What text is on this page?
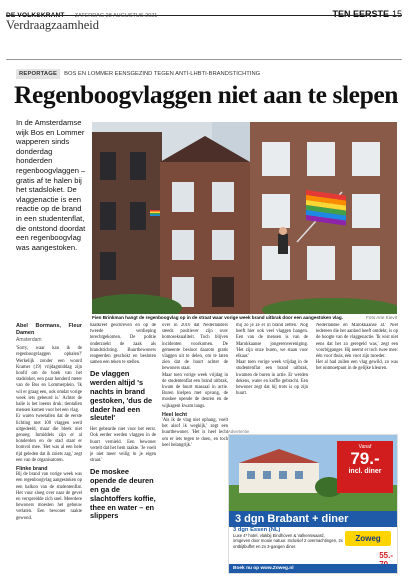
DE VOLKSKRANT ZATERDAG 28 AUGUSTUS 2021	TEN EERSTE 15
Verdraagzaamheid
REPORTAGE	BOS EN LOMMER EENSGEZIND TEGEN ANTI-LHBTI-BRANDSTICHTING
Regenboogvlaggen niet aan te slepen
In de Amsterdamse wijk Bos en Lommer wapperen sinds donderdag honderden regenboogvlaggen – gratis af te halen bij het stadsloket. De vlaggenactie is een reactie op de brand in een studentenflat, die ontstond doordat een regenboogvlag was aangestoken.
Fien Brinkman hangt de regenboogvlag op in de straat waar vorige week brand uitbrak door een aangestoken vlag.	Foto Arie Kievit
Abel Bormans, Fleur Damen
Amsterdam

'Sorry, waar kan ik de regenboogvlaggen ophalen?' Werkelijk zonder een woord Kramer (19) vrijdagmiddag zijn hoofd om de hoek van het stadsloket, een paar honderd meter van de Bos en Lommerplein. 'Ik wil er graag een, ook omdat vorige week iets gebeurd is.' Achter de balie is het ineens druk: tientallen mensen komen voor het een vlag.

Er waren tweetallen dat de eerste lichting met 100 vlaggen werd uitgedeeld, maar die bleek niet genoeg. Inmiddels zijn er al honderden en de stad staat er bomvol mee. 'Het was al een hele tijd geleden dat ik zoiets zag,' zegt een van de organisatoren.

Flinke brand

Bij de brand van vorige week was een regenboogvlag aangestoken op een balkon van de studentenflat. Het vuur sloeg over naar de gevel en verspreidde zich snel. Meerdere bewoners moesten het gebouw verlaten. Een bewoner raakte gewond.

haatkreet geschreven en op de tweede verdieping terechtgekomen. De politie onderzoekt de zaak als brandstichting. Buurtbewoners reageerden geschokt en besloten samen een teken te stellen.

De vlaggen werden altijd 's nachts in brand gestoken, 'dus de dader had een sleutel'

Het gebeurde niet voor het eerst. Ook eerder werden vlaggen in de buurt vernield. Een bewoner vertelt dat het hem raakte. 'Je voelt je niet meer veilig in je eigen straat.'

De moskee opende de deuren en ga de slachtoffers koffie, thee en water – en slippers

over in 2016 dat Nederlanders steeds positiever zijn over homoseksualiteit. Toch blijven incidenten voorkomen. De gemeente besloot daarom gratis vlaggen uit te delen, om te laten zien dat de buurt achter de bewoners staat.

Maar toen vorige week vrijdag in de studentenflat een brand uitbrak, kwam de buurt massaal in actie. Buren hielpen met opvang, de moskee opende de deuren en de wijkagent kwam langs.

Heel lecht

'Als ik de vlag niet ophang, voelt het alsof ik wegkijk,' zegt een buurtbewoner. 'Het is heel lecht om er iets tegen te doen, en toch heel belangrijk.'

mij zo je ze er in brand zetten.' Nog heeft hier ook veel vlaggen hangen. Een van de mensen is van de Marokkaanse jongerenvereniging. 'Het zijn onze buren, we staan voor elkaar.'

Maar toen vorige week vrijdag in de studentenflat een brand uitbrak, kwamen de buren in actie. Er werden dekens, water en koffie gebracht. Een bewoner zegt dat hij trots is op zijn buurt.

Nederlandse en Marokkaanse af.' Niet iedereen die het aanbod heeft ontdekt, is op de hoogte van de vlaggenactie. 'Ik wist niet eens dat het zo geregeld was,' zegt een voorbijganger. Hij neemt er toch twee mee: één voor thuis, één voor zijn moeder.

Het al had zullen een vlag gewild, zo was het ontmoetpunt in de gelijke kleuren.

Advertentie
Vanaf
79.-
incl. diner
3 dgn Brabant + diner
3 dgn Essen (NL)
Luxe 4* hotel, vlakbij Eindhoven & Valkenswaard, omgeven door mooie natuur. Inclusief 2 overnachtingen, 2x ontbijtbuffet en 2x 3-gangen diner.
Zoweg
55.-
Boek nu op www.Zoweg.nl
